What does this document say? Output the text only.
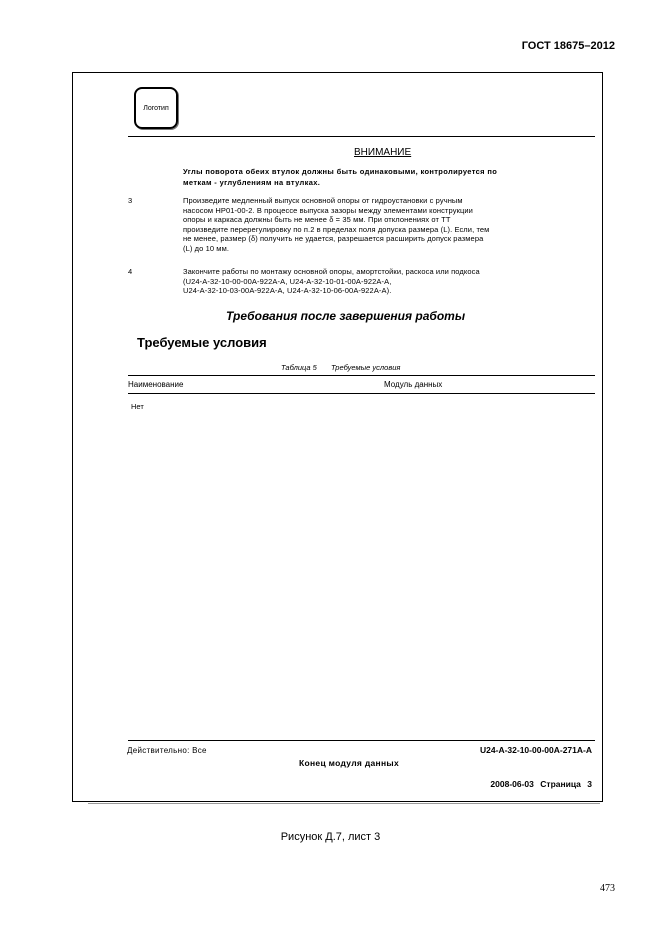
ГОСТ 18675–2012
Логотип
ВНИМАНИЕ
Углы поворота обеих втулок должны быть одинаковыми, контролируется по
меткам - углублениям на втулках.
3	Произведите медленный выпуск основной опоры от гидроустановки с ручным
насосом НР01-00-2. В процессе выпуска зазоры между элементами конструкции
опоры и каркаса должны быть не менее δ = 35 мм. При отклонениях от ТТ
произведите перерегулировку по п.2 в пределах поля допуска размера (L). Если, тем
не менее, размер (δ) получить не удается, разрешается расширить допуск размера
(L) до 10 мм.
4	Закончите работы по монтажу основной опоры, амортстойки, раскоса или подкоса
(U24-A-32-10-00-00A-922A-A, U24-A-32-10-01-00A-922A-A,
U24-A-32-10-03-00A-922A-A, U24-A-32-10-06-00A-922A-A).
Требования после завершения работы
Требуемые условия
Таблица 5 Требуемые условия
Наименование	Модуль данных
Нет
Действительно: Все	U24-A-32-10-00-00A-271A-A
Конец модуля данных
2008-06-03 Страница 3
Рисунок Д.7, лист 3
473
